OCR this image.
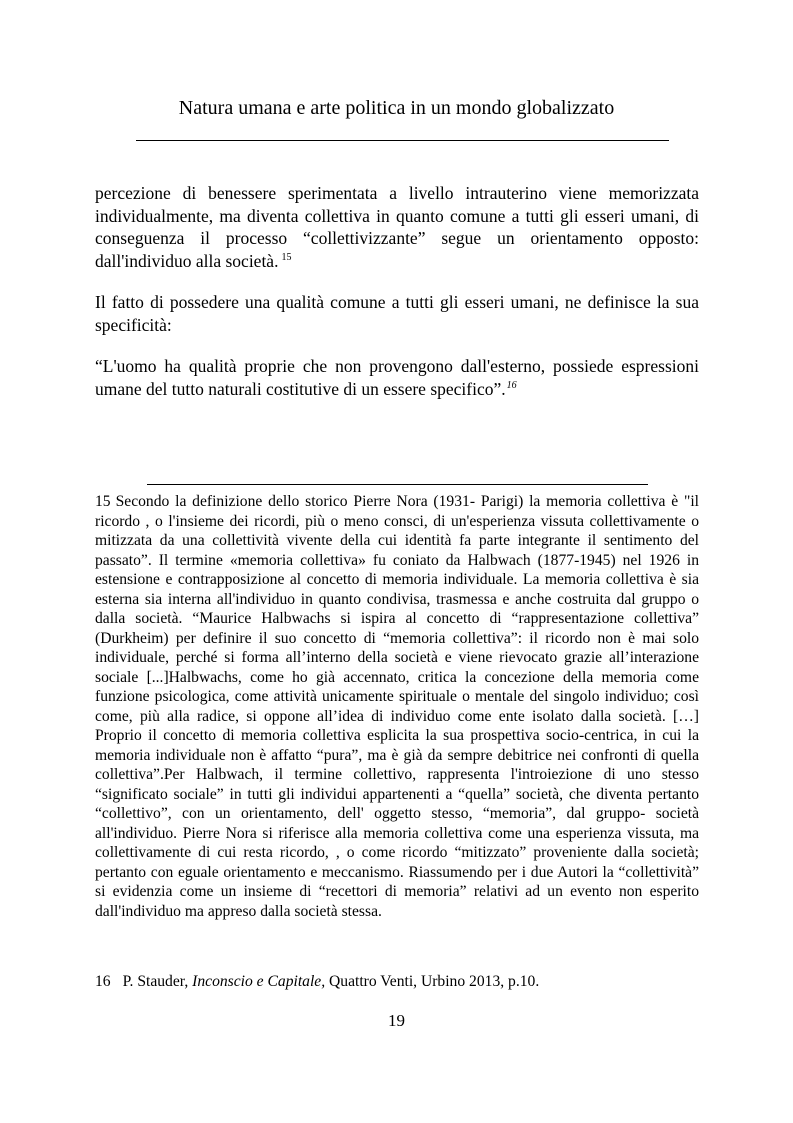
Natura umana e arte politica in un mondo globalizzato

percezione di benessere sperimentata a livello intrauterino viene memorizzata individualmente, ma diventa collettiva in quanto comune a tutti gli esseri umani, di conseguenza il processo “collettivizzante” segue un orientamento opposto: dall'individuo alla società. $^{15}$

Il fatto di possedere una qualità comune a tutti gli esseri umani, ne definisce la sua specificità:

“L'uomo ha qualità proprie che non provengono dall'esterno, possiede espressioni umane del tutto naturali costitutive di un essere specifico”.$^{16}$

15 Secondo la definizione dello storico Pierre Nora (1931- Parigi) la memoria collettiva è "il ricordo , o l'insieme dei ricordi, più o meno consci, di un'esperienza vissuta collettivamente o mitizzata da una collettività vivente della cui identità fa parte integrante il sentimento del passato”. Il termine «memoria collettiva» fu coniato da Halbwach (1877-1945) nel 1926 in estensione e contrapposizione al concetto di memoria individuale. La memoria collettiva è sia esterna sia interna all'individuo in quanto condivisa, trasmessa e anche costruita dal gruppo o dalla società. “Maurice Halbwachs si ispira al concetto di “rappresentazione collettiva” (Durkheim) per definire il suo concetto di “memoria collettiva”: il ricordo non è mai solo individuale, perché si forma all’interno della società e viene rievocato grazie all’interazione sociale [...]Halbwachs, come ho già accennato, critica la concezione della memoria come funzione psicologica, come attività unicamente spirituale o mentale del singolo individuo; così come, più alla radice, si oppone all’idea di individuo come ente isolato dalla società. […] Proprio il concetto di memoria collettiva esplicita la sua prospettiva socio-centrica, in cui la memoria individuale non è affatto “pura”, ma è già da sempre debitrice nei confronti di quella collettiva”.Per Halbwach, il termine collettivo, rappresenta l'introiezione di uno stesso “significato sociale” in tutti gli individui appartenenti a “quella” società, che diventa pertanto “collettivo”, con un orientamento, dell' oggetto stesso, “memoria”, dal gruppo- società all'individuo. Pierre Nora si riferisce alla memoria collettiva come una esperienza vissuta, ma collettivamente di cui resta ricordo, , o come ricordo “mitizzato” proveniente dalla società; pertanto con eguale orientamento e meccanismo. Riassumendo per i due Autori la “collettività” si evidenzia come un insieme di “recettori di memoria” relativi ad un evento non esperito dall'individuo ma appreso dalla società stessa.

16 P. Stauder, Inconscio e Capitale, Quattro Venti, Urbino 2013, p.10.

19
